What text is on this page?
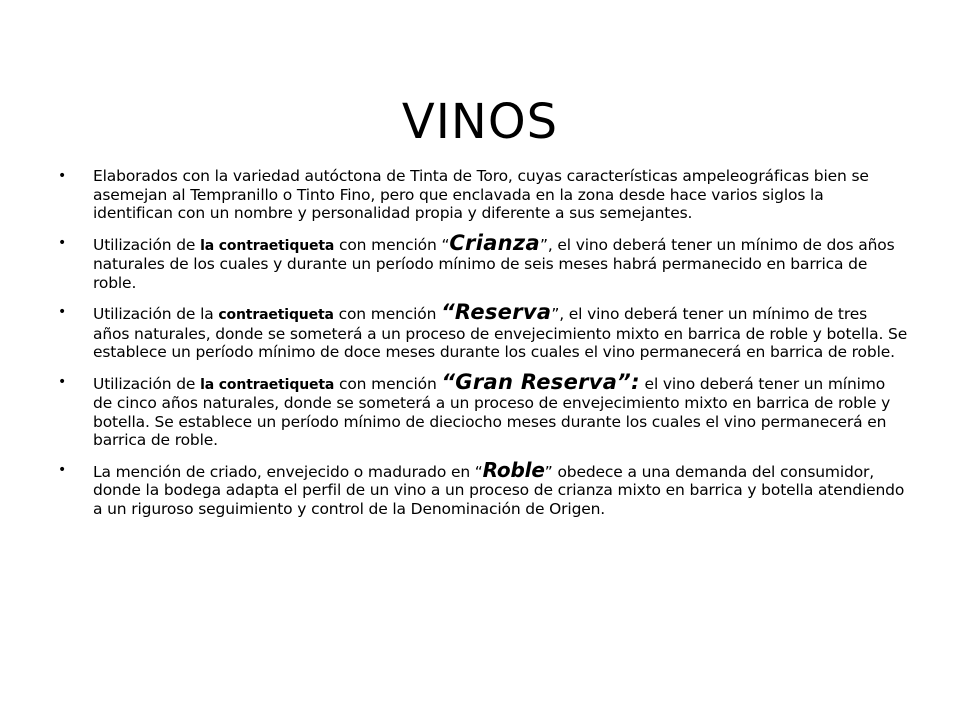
VINOS
• Elaborados con la variedad autóctona de Tinta de Toro, cuyas características ampeleográficas bien se asemejan al Tempranillo o Tinto Fino, pero que enclavada en la zona desde hace varios siglos la identifican con un nombre y personalidad propia y diferente a sus semejantes.
• Utilización de la contraetiqueta con mención “Crianza”, el vino deberá tener un mínimo de dos años naturales de los cuales y durante un período mínimo de seis meses habrá permanecido en barrica de roble.
• Utilización de la contraetiqueta con mención “Reserva”, el vino deberá tener un mínimo de tres años naturales, donde se someterá a un proceso de envejecimiento mixto en barrica de roble y botella. Se establece un período mínimo de doce meses durante los cuales el vino permanecerá en barrica de roble.
• Utilización de la contraetiqueta con mención “Gran Reserva”: el vino deberá tener un mínimo de cinco años naturales, donde se someterá a un proceso de envejecimiento mixto en barrica de roble y botella. Se establece un período mínimo de dieciocho meses durante los cuales el vino permanecerá en barrica de roble.
• La mención de criado, envejecido o madurado en “Roble” obedece a una demanda del consumidor, donde la bodega adapta el perfil de un vino a un proceso de crianza mixto en barrica y botella atendiendo a un riguroso seguimiento y control de la Denominación de Origen.
